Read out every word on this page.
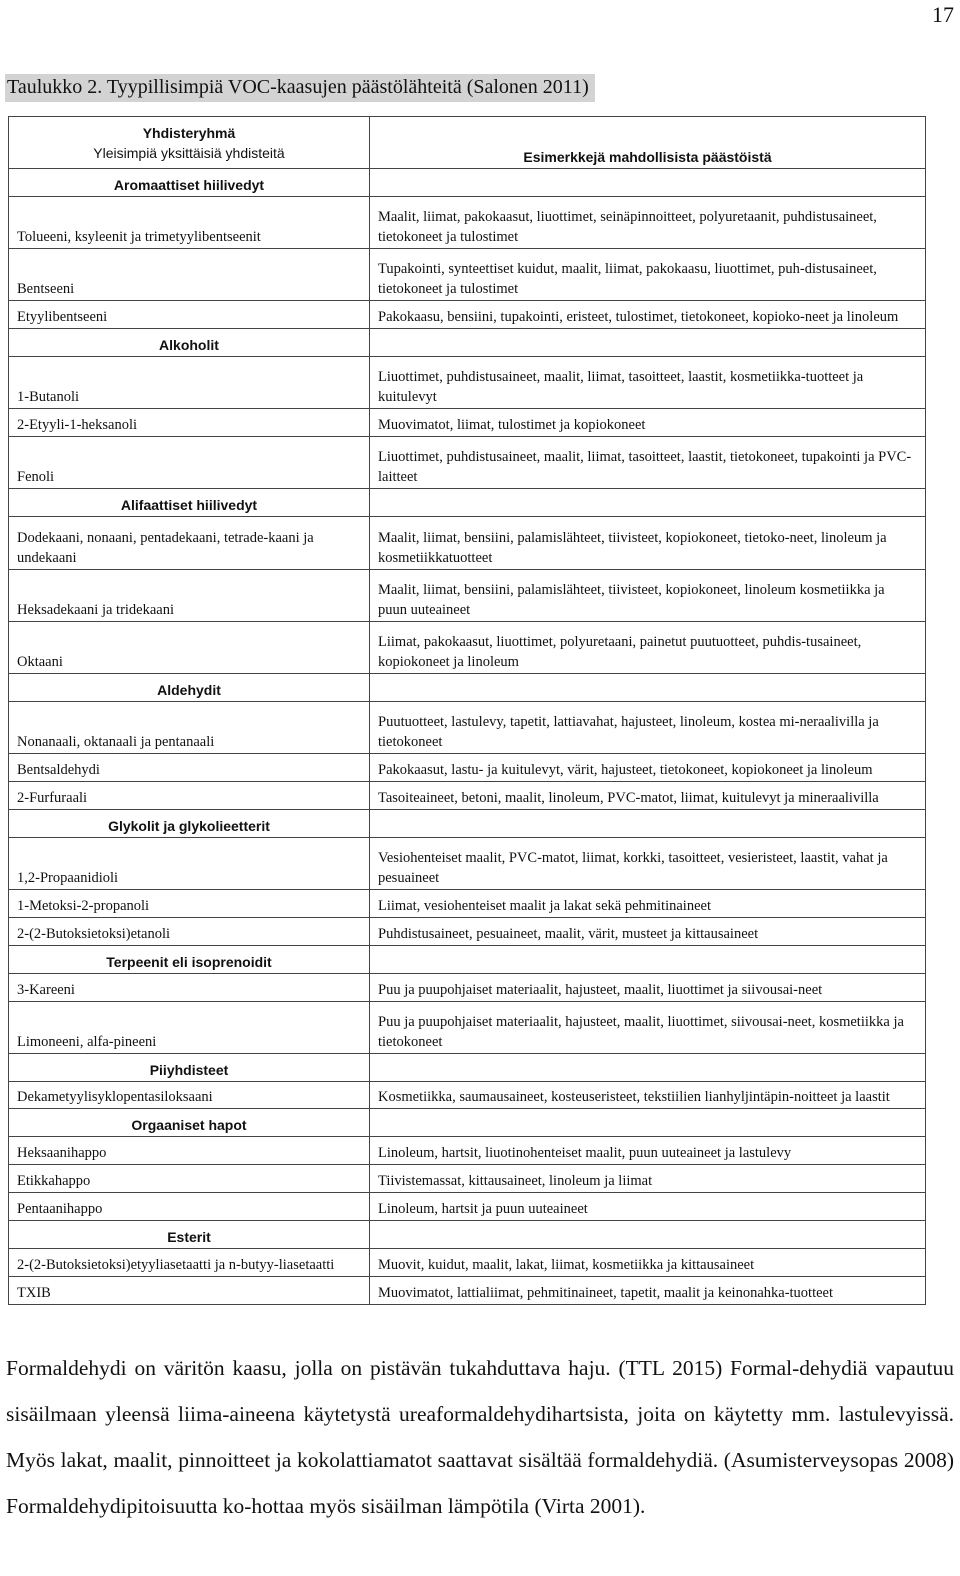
17
Taulukko 2. Tyypillisimpiä VOC-kaasujen päästölähteitä (Salonen 2011)
Yhdisteryhmä
Yleisimpiä yksittäisiä yhdisteitä	Esimerkkejä mahdollisista päästöistä
Aromaattiset hiilivedyt	
Tolueeni, ksyleenit ja trimetyylibentseenit	Maalit, liimat, pakokaasut, liuottimet, seinäpinnoitteet, polyuretaanit, puhdistusaineet, tietokoneet ja tulostimet
Bentseeni	Tupakointi, synteettiset kuidut, maalit, liimat, pakokaasu, liuottimet, puh-distusaineet, tietokoneet ja tulostimet
Etyylibentseeni	Pakokaasu, bensiini, tupakointi, eristeet, tulostimet, tietokoneet, kopioko-neet ja linoleum
Alkoholit	
1-Butanoli	Liuottimet, puhdistusaineet, maalit, liimat, tasoitteet, laastit, kosmetiikka-tuotteet ja kuitulevyt
2-Etyyli-1-heksanoli	Muovimatot, liimat, tulostimet ja kopiokoneet
Fenoli	Liuottimet, puhdistusaineet, maalit, liimat, tasoitteet, laastit, tietokoneet, tupakointi ja PVC-laitteet
Alifaattiset hiilivedyt	
Dodekaani, nonaani, pentadekaani, tetrade-kaani ja undekaani	Maalit, liimat, bensiini, palamislähteet, tiivisteet, kopiokoneet, tietoko-neet, linoleum ja kosmetiikkatuotteet
Heksadekaani ja tridekaani	Maalit, liimat, bensiini, palamislähteet, tiivisteet, kopiokoneet, linoleum kosmetiikka ja puun uuteaineet
Oktaani	Liimat, pakokaasut, liuottimet, polyuretaani, painetut puutuotteet, puhdis-tusaineet, kopiokoneet ja linoleum
Aldehydit	
Nonanaali, oktanaali ja pentanaali	Puutuotteet, lastulevy, tapetit, lattiavahat, hajusteet, linoleum, kostea mi-neraalivilla ja tietokoneet
Bentsaldehydi	Pakokaasut, lastu- ja kuitulevyt, värit, hajusteet, tietokoneet, kopiokoneet ja linoleum
2-Furfuraali	Tasoiteaineet, betoni, maalit, linoleum, PVC-matot, liimat, kuitulevyt ja mineraalivilla
Glykolit ja glykolieetterit	
1,2-Propaanidioli	Vesiohenteiset maalit, PVC-matot, liimat, korkki, tasoitteet, vesieristeet, laastit, vahat ja pesuaineet
1-Metoksi-2-propanoli	Liimat, vesiohenteiset maalit ja lakat sekä pehmitinaineet
2-(2-Butoksietoksi)etanoli	Puhdistusaineet, pesuaineet, maalit, värit, musteet ja kittausaineet
Terpeenit eli isoprenoidit	
3-Kareeni	Puu ja puupohjaiset materiaalit, hajusteet, maalit, liuottimet ja siivousai-neet
Limoneeni, alfa-pineeni	Puu ja puupohjaiset materiaalit, hajusteet, maalit, liuottimet, siivousai-neet, kosmetiikka ja tietokoneet
Piiyhdisteet	
Dekametyylisyklopentasiloksaani	Kosmetiikka, saumausaineet, kosteuseristeet, tekstiilien lianhyljintäpin-noitteet ja laastit
Orgaaniset hapot	
Heksaanihappo	Linoleum, hartsit, liuotinohenteiset maalit, puun uuteaineet ja lastulevy
Etikkahappo	Tiivistemassat, kittausaineet, linoleum ja liimat
Pentaanihappo	Linoleum, hartsit ja puun uuteaineet
Esterit	
2-(2-Butoksietoksi)etyyliasetaatti ja n-butyy-liasetaatti	Muovit, kuidut, maalit, lakat, liimat, kosmetiikka ja kittausaineet
TXIB	Muovimatot, lattialiimat, pehmitinaineet, tapetit, maalit ja keinonahka-tuotteet
Formaldehydi on väritön kaasu, jolla on pistävän tukahduttava haju. (TTL 2015) Formal-dehydiä vapautuu sisäilmaan yleensä liima-aineena käytetystä ureaformaldehydihartsista, joita on käytetty mm. lastulevyissä. Myös lakat, maalit, pinnoitteet ja kokolattiamatot saattavat sisältää formaldehydiä. (Asumisterveysopas 2008) Formaldehydipitoisuutta ko-hottaa myös sisäilman lämpötila (Virta 2001).
